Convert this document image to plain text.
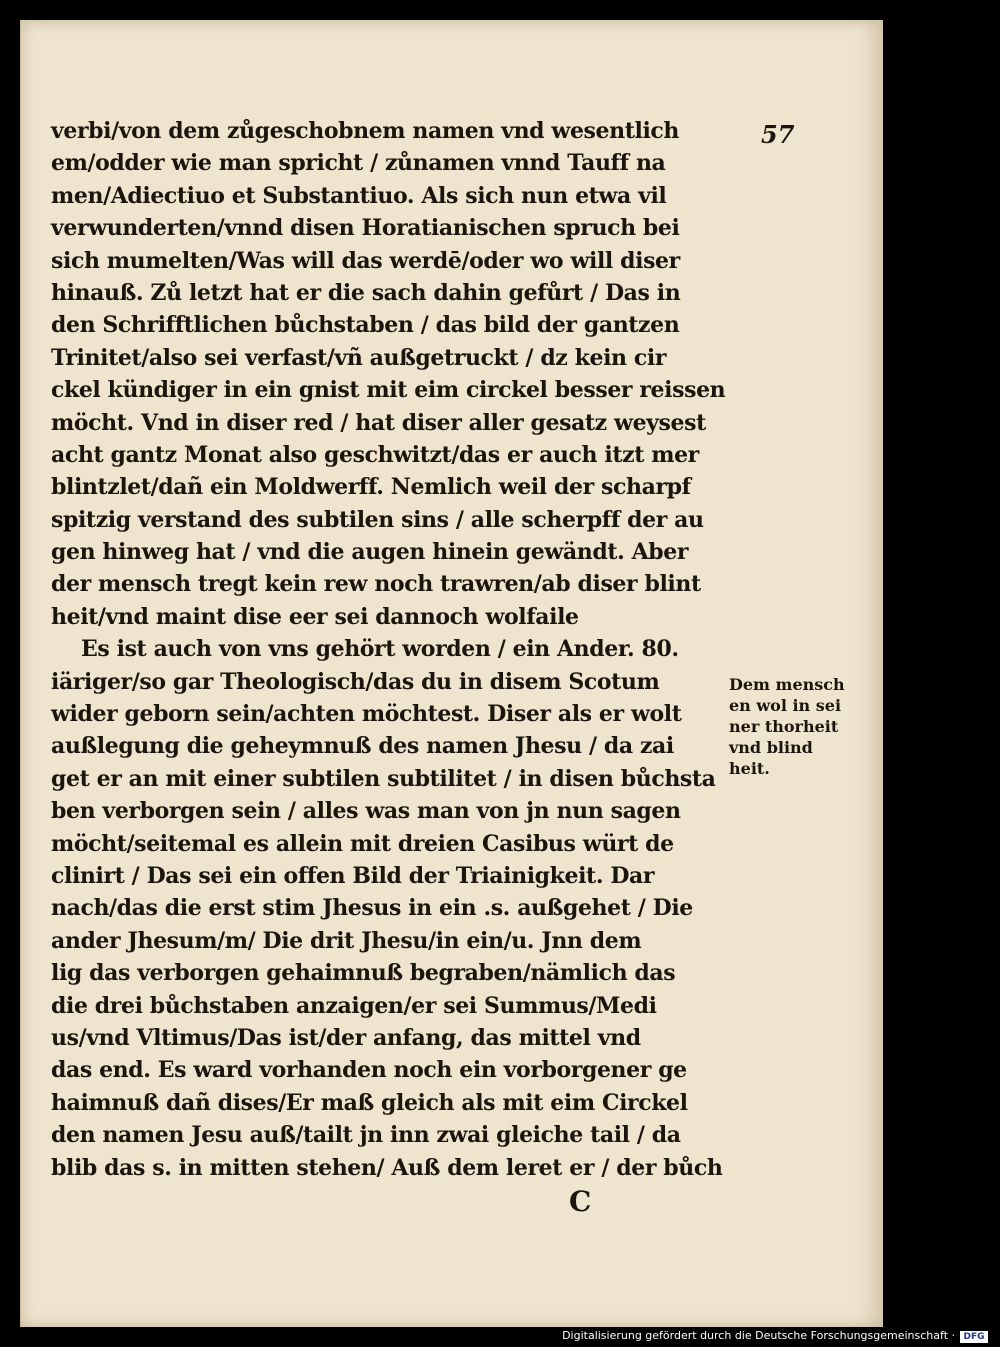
57
verbi/von dem zůgeschobnem namen vnd wesentlich
em/odder wie man spricht / zůnamen vnnd Tauff na
men/Adiectiuo et Substantiuo. Als sich nun etwa vil
verwunderten/vnnd disen Horatianischen spruch bei
sich mumelten/Was will das werdē/oder wo will diser
hinauß. Zů letzt hat er die sach dahin gefůrt / Das in
den Schrifftlichen bůchstaben / das bild der gantzen
Trinitet/also sei verfast/vñ außgetruckt / dz kein cir
ckel kündiger in ein gnist mit eim circkel besser reissen
möcht. Vnd in diser red / hat diser aller gesatz weysest
acht gantz Monat also geschwitzt/das er auch itzt mer
blintzlet/dañ ein Moldwerff. Nemlich weil der scharpf
spitzig verstand des subtilen sins / alle scherpff der au
gen hinweg hat / vnd die augen hinein gewändt. Aber
der mensch tregt kein rew noch trawren/ab diser blint
heit/vnd maint dise eer sei dannoch wolfaile
Es ist auch von vns gehört worden / ein Ander. 80.
iäriger/so gar Theologisch/das du in disem Scotum
wider geborn sein/achten möchtest. Diser als er wolt
außlegung die geheymnuß des namen Jhesu / da zai
get er an mit einer subtilen subtilitet / in disen bůchsta
ben verborgen sein / alles was man von jn nun sagen
möcht/seitemal es allein mit dreien Casibus würt de
clinirt / Das sei ein offen Bild der Triainigkeit. Dar
nach/das die erst stim Jhesus in ein .s. außgehet / Die
ander Jhesum/m/ Die drit Jhesu/in ein/u. Jnn dem
lig das verborgen gehaimnuß begraben/nämlich das
die drei bůchstaben anzaigen/er sei Summus/Medi
us/vnd Vltimus/Das ist/der anfang, das mittel vnd
das end. Es ward vorhanden noch ein vorborgener ge
haimnuß dañ dises/Er maß gleich als mit eim Circkel
den namen Jesu auß/tailt jn inn zwai gleiche tail / da
blib das s. in mitten stehen/ Auß dem leret er / der bůch
Dem mensch
en wol in sei
ner thorheit
vnd blind
heit.
C
Digitalisierung gefördert durch die Deutsche Forschungsgemeinschaft · DFG
